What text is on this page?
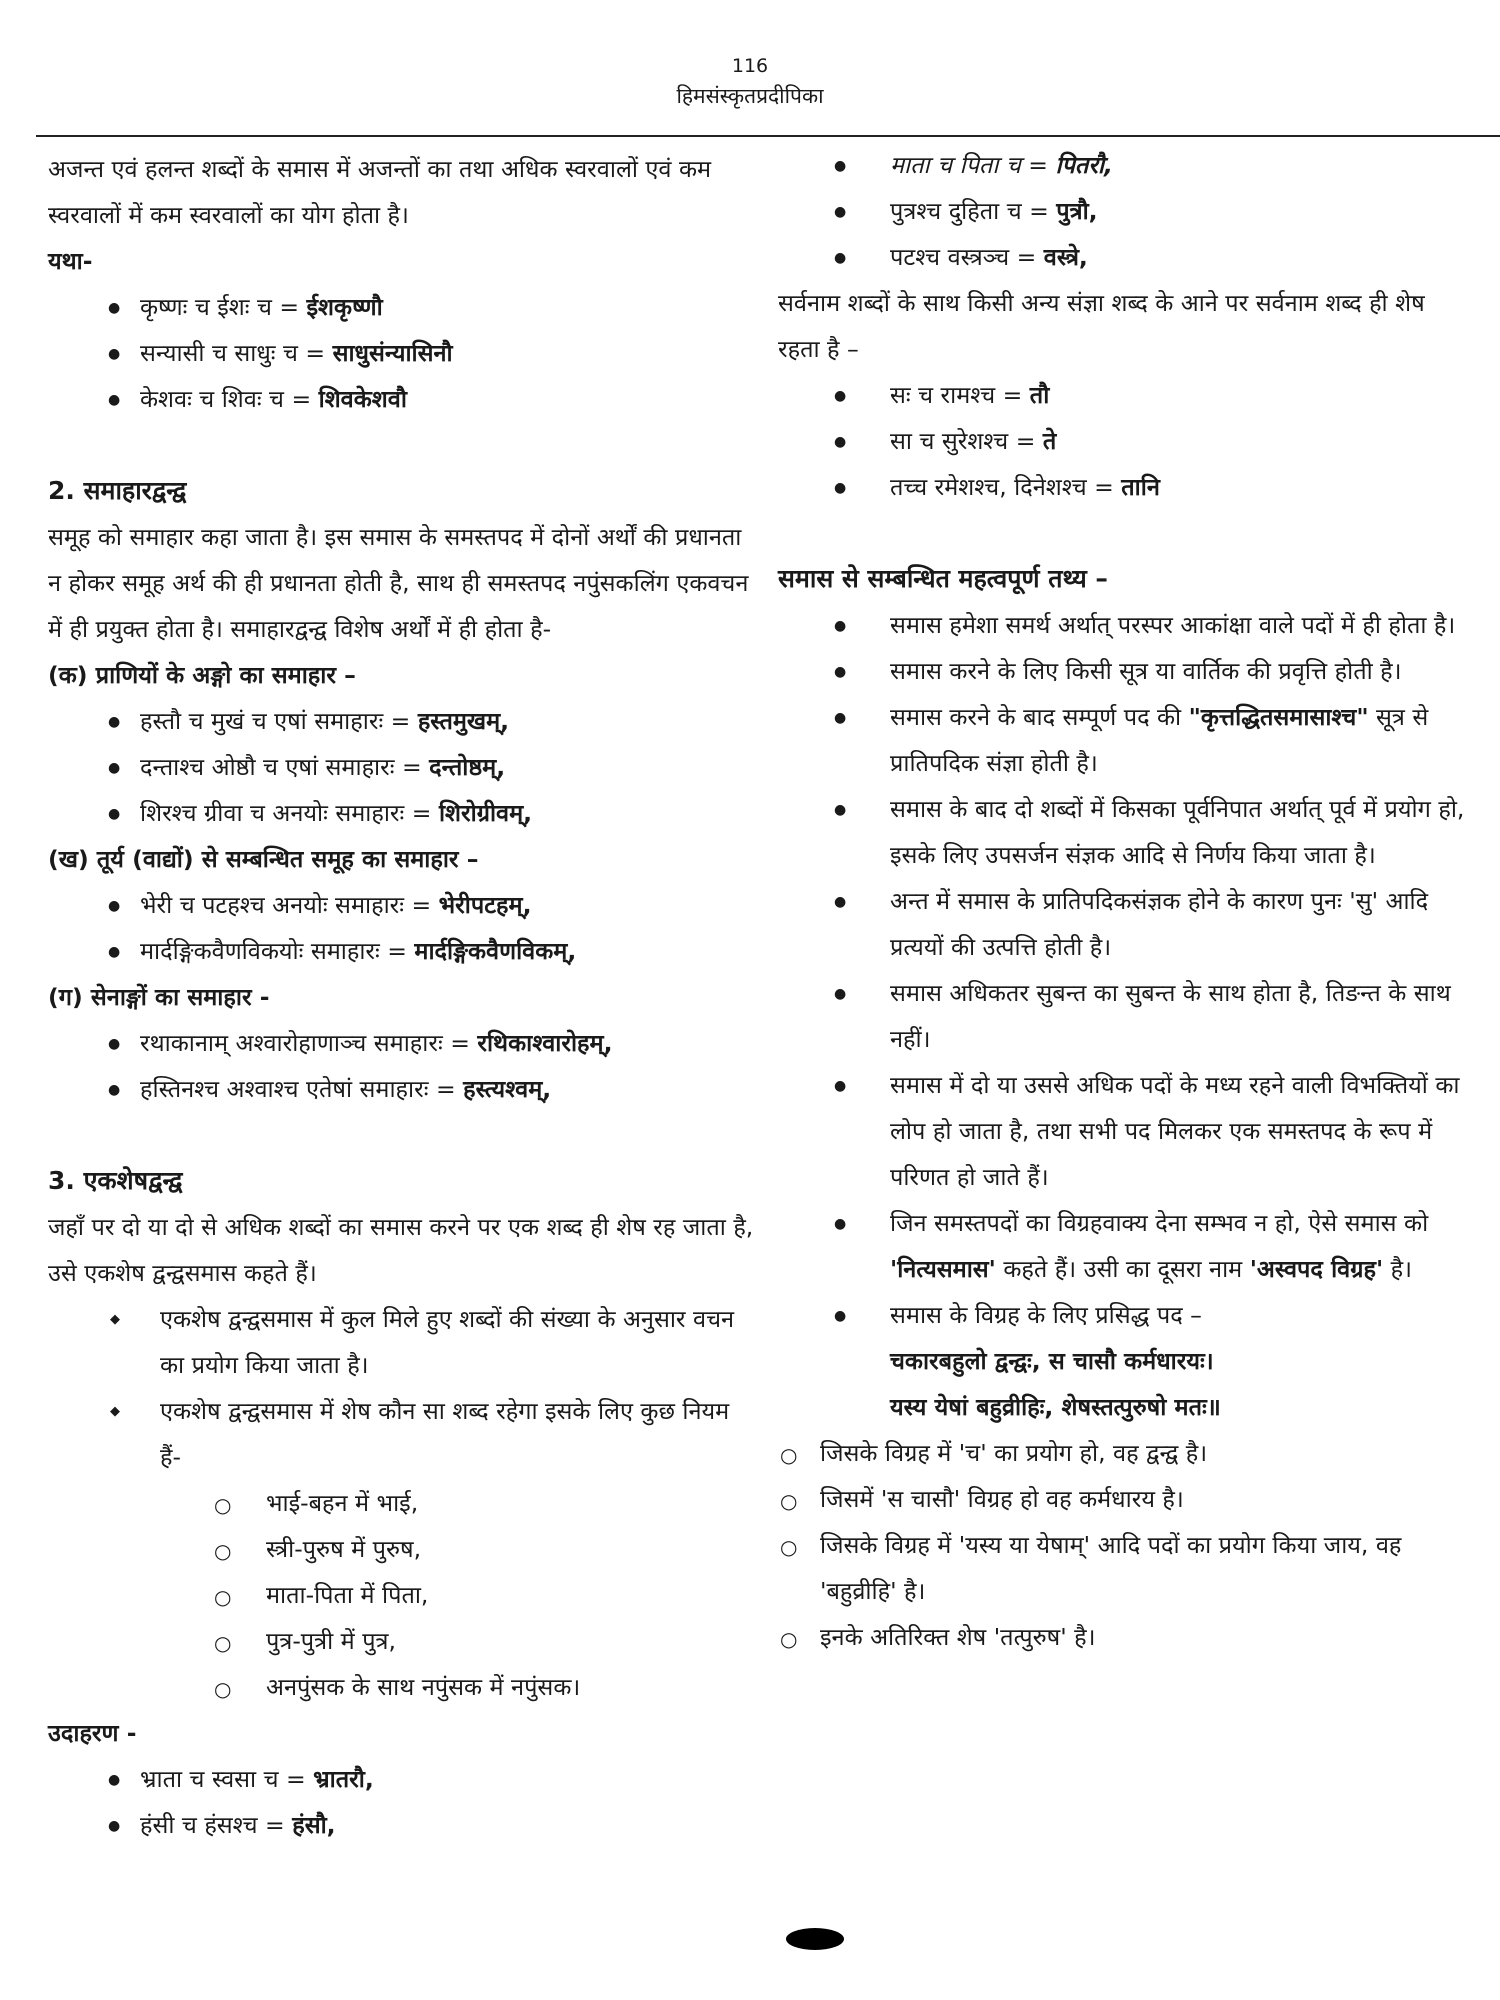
116
हिमसंस्कृतप्रदीपिका

अजन्त एवं हलन्त शब्दों के समास में अजन्तों का तथा अधिक स्वरवालों एवं कम स्वरवालों में कम स्वरवालों का योग होता है।

यथा-

● कृष्णः च ईशः च = ईशकृष्णौ
● सन्यासी च साधुः च = साधुसंन्यासिनौ
● केशवः च शिवः च = शिवकेशवौ

2. समाहारद्वन्द्व

समूह को समाहार कहा जाता है। इस समास के समस्तपद में दोनों अर्थों की प्रधानता न होकर समूह अर्थ की ही प्रधानता होती है, साथ ही समस्तपद नपुंसकलिंग एकवचन में ही प्रयुक्त होता है। समाहारद्वन्द्व विशेष अर्थों में ही होता है-

(क) प्राणियों के अङ्गो का समाहार –

● हस्तौ च मुखं च एषां समाहारः = हस्तमुखम्,
● दन्ताश्च ओष्ठौ च एषां समाहारः = दन्तोष्ठम्,
● शिरश्च ग्रीवा च अनयोः समाहारः = शिरोग्रीवम्,

(ख) तूर्य (वाद्यों) से सम्बन्धित समूह का समाहार –

● भेरी च पटहश्च अनयोः समाहारः = भेरीपटहम्,
● मार्दङ्गिकवैणविकयोः समाहारः = मार्दङ्गिकवैणविकम्,

(ग) सेनाङ्गों का समाहार -

● रथाकानाम् अश्वारोहाणाञ्च समाहारः = रथिकाश्वारोहम्,
● हस्तिनश्च अश्वाश्च एतेषां समाहारः = हस्त्यश्वम्,

3. एकशेषद्वन्द्व

जहाँ पर दो या दो से अधिक शब्दों का समास करने पर एक शब्द ही शेष रह जाता है, उसे एकशेष द्वन्द्वसमास कहते हैं।

◆ एकशेष द्वन्द्वसमास में कुल मिले हुए शब्दों की संख्या के अनुसार वचन का प्रयोग किया जाता है।
◆ एकशेष द्वन्द्वसमास में शेष कौन सा शब्द रहेगा इसके लिए कुछ नियम हैं-
○ भाई-बहन में भाई,
○ स्त्री-पुरुष में पुरुष,
○ माता-पिता में पिता,
○ पुत्र-पुत्री में पुत्र,
○ अनपुंसक के साथ नपुंसक में नपुंसक।

उदाहरण -

● भ्राता च स्वसा च = भ्रातरौ,
● हंसी च हंसश्च = हंसौ,
● माता च पिता च = पितरौ,
● पुत्रश्च दुहिता च = पुत्रौ,
● पटश्च वस्त्रञ्च = वस्त्रे,

सर्वनाम शब्दों के साथ किसी अन्य संज्ञा शब्द के आने पर सर्वनाम शब्द ही शेष रहता है –

● सः च रामश्च = तौ
● सा च सुरेशश्च = ते
● तच्च रमेशश्च, दिनेशश्च = तानि

समास से सम्बन्धित महत्वपूर्ण तथ्य –

● समास हमेशा समर्थ अर्थात् परस्पर आकांक्षा वाले पदों में ही होता है।
● समास करने के लिए किसी सूत्र या वार्तिक की प्रवृत्ति होती है।
● समास करने के बाद सम्पूर्ण पद की "कृत्तद्धितसमासाश्च" सूत्र से प्रातिपदिक संज्ञा होती है।
● समास के बाद दो शब्दों में किसका पूर्वनिपात अर्थात् पूर्व में प्रयोग हो, इसके लिए उपसर्जन संज्ञक आदि से निर्णय किया जाता है।
● अन्त में समास के प्रातिपदिकसंज्ञक होने के कारण पुनः 'सु' आदि प्रत्ययों की उत्पत्ति होती है।
● समास अधिकतर सुबन्त का सुबन्त के साथ होता है, तिङन्त के साथ नहीं।
● समास में दो या उससे अधिक पदों के मध्य रहने वाली विभक्तियों का लोप हो जाता है, तथा सभी पद मिलकर एक समस्तपद के रूप में परिणत हो जाते हैं।
● जिन समस्तपदों का विग्रहवाक्य देना सम्भव न हो, ऐसे समास को 'नित्यसमास' कहते हैं। उसी का दूसरा नाम 'अस्वपद विग्रह' है।
● समास के विग्रह के लिए प्रसिद्ध पद –

चकारबहुलो द्वन्द्वः, स चासौ कर्मधारयः।

यस्य येषां बहुव्रीहिः, शेषस्तत्पुरुषो मतः॥

○ जिसके विग्रह में 'च' का प्रयोग हो, वह द्वन्द्व है।
○ जिसमें 'स चासौ' विग्रह हो वह कर्मधारय है।
○ जिसके विग्रह में 'यस्य या येषाम्' आदि पदों का प्रयोग किया जाय, वह 'बहुव्रीहि' है।
○ इनके अतिरिक्त शेष 'तत्पुरुष' है।
